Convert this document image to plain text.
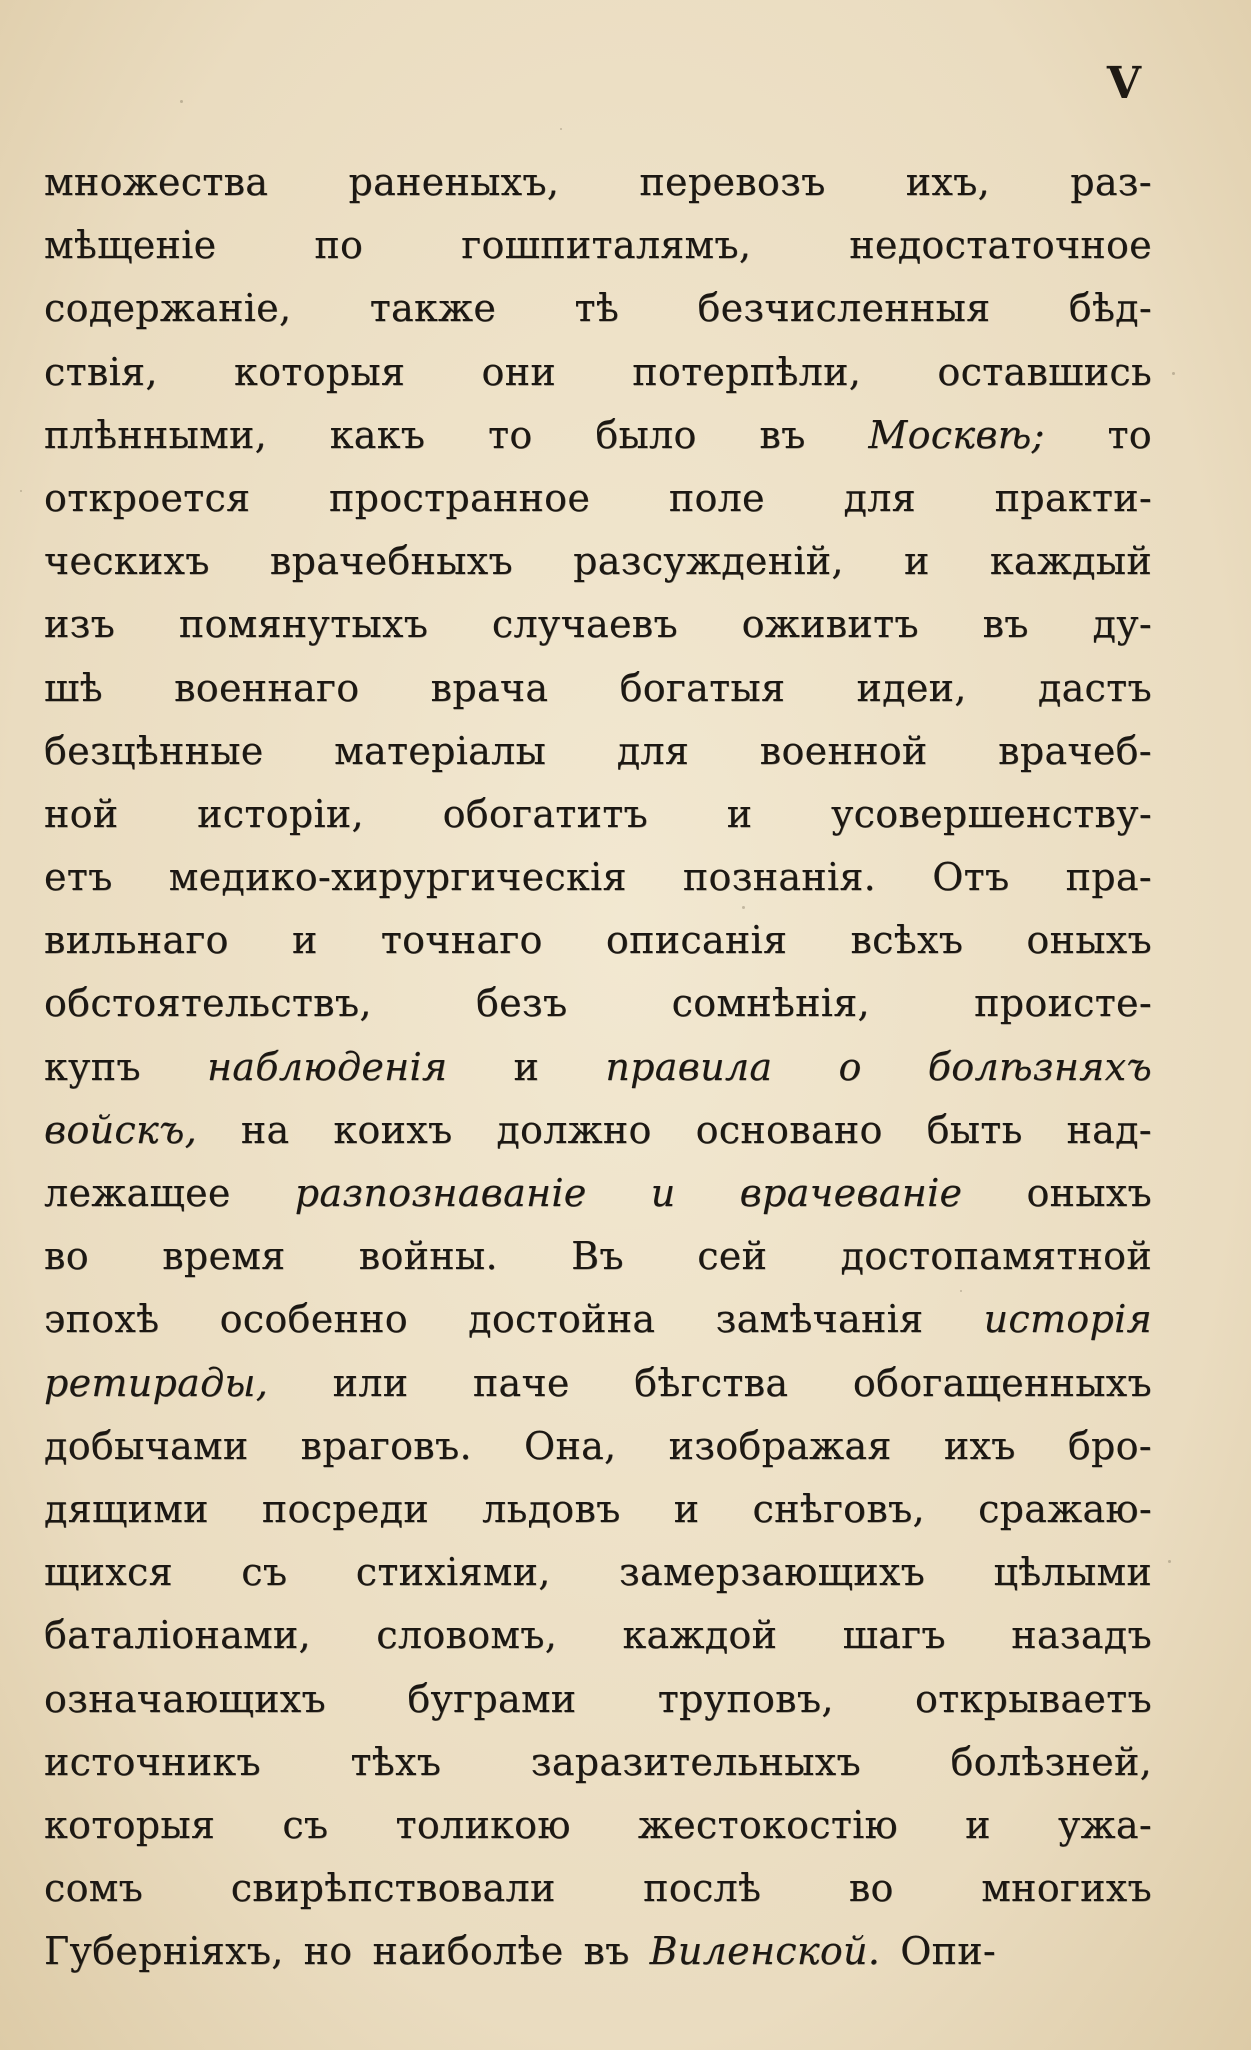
V
множества раненыхъ, перевозъ ихъ, раз-
мѣщеніе	по	гошпиталямъ,	недостаточное
содержаніе, также тѣ безчисленныя бѣд-
ствія, которыя они потерпѣли, оставшись
плѣнными, какъ то было въ Москвѣ; то
откроется пространное поле для практи-
ческихъ врачебныхъ разсужденій, и каждый
изъ помянутыхъ случаевъ оживитъ въ ду-
шѣ военнаго врача богатыя идеи, дастъ
безцѣнные матеріалы для военной врачеб-
ной исторіи, обогатитъ и усовершенству-
етъ медико-хирургическія познанія. Отъ пра-
вильнаго и точнаго описанія всѣхъ оныхъ
обстоятельствъ,	безъ	сомнѣнія,	происте-
купъ наблюденія и правила о болѣзняхъ
войскъ, на коихъ должно основано быть над-
лежащее разпознаваніе и врачеваніе оныхъ
во время войны. Въ сей достопамятной
эпохѣ особенно достойна замѣчанія исторія
ретирады, или паче бѣгства обогащенныхъ
добычами враговъ. Она, изображая ихъ бро-
дящими посреди льдовъ и снѣговъ, сражаю-
щихся съ стихіями, замерзающихъ цѣлыми
баталіонами, словомъ, каждой шагъ назадъ
означающихъ буграми труповъ, открываетъ
источникъ тѣхъ заразительныхъ болѣзней,
которыя съ толикою жестокостію и ужа-
сомъ свирѣпствовали послѣ во многихъ
Губерніяхъ, но наиболѣе въ Виленской. Опи-
